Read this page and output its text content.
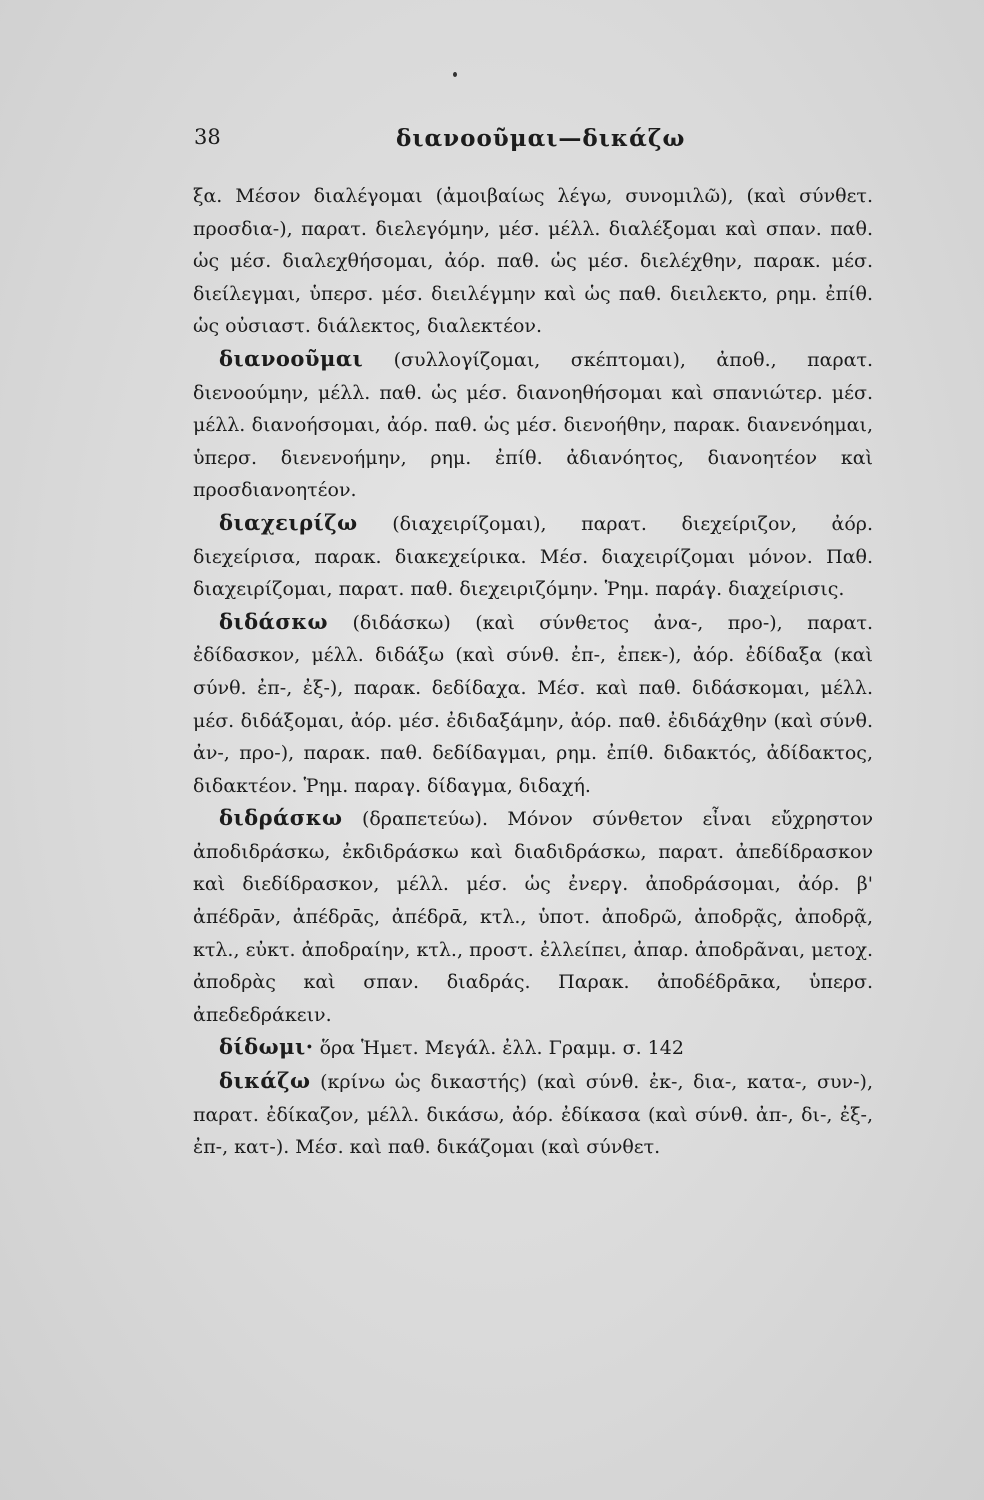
38	διανοοῦμαι—δικάζω

ξα. Μέσον διαλέγομαι (ἀμοιβαίως λέγω, συνομιλῶ), (καὶ σύνθετ. προσδια-), παρατ. διελεγόμην, μέσ. μέλλ. διαλέξομαι καὶ σπαν. παθ. ὡς μέσ. διαλεχθήσομαι, ἀόρ. παθ. ὡς μέσ. διελέχθην, παρακ. μέσ. διείλεγμαι, ὑπερσ. μέσ. διειλέγμην καὶ ὡς παθ. διειλεκτο, ρημ. ἐπίθ. ὡς οὐσιαστ. διάλεκτος, διαλεκτέον.

διανοοῦμαι (συλλογίζομαι, σκέπτομαι), ἀποθ., παρατ. διενοούμην, μέλλ. παθ. ὡς μέσ. διανοηθήσομαι καὶ σπανιώτερ. μέσ. μέλλ. διανοήσομαι, ἀόρ. παθ. ὡς μέσ. διενοήθην, παρακ. διανενόημαι, ὑπερσ. διενενοήμην, ρημ. ἐπίθ. ἀδιανόητος, διανοητέον καὶ προσδιανοητέον.

διαχειρίζω (διαχειρίζομαι), παρατ. διεχείριζον, ἀόρ. διεχείρισα, παρακ. διακεχείρικα. Μέσ. διαχειρίζομαι μόνον. Παθ. διαχειρίζομαι, παρατ. παθ. διεχειριζόμην. Ῥημ. παράγ. διαχείρισις.

διδάσκω (διδάσκω) (καὶ σύνθετος ἀνα-, προ-), παρατ. ἐδίδασκον, μέλλ. διδάξω (καὶ σύνθ. ἐπ-, ἐπεκ-), ἀόρ. ἐδίδαξα (καὶ σύνθ. ἐπ-, ἐξ-), παρακ. δεδίδαχα. Μέσ. καὶ παθ. διδάσκομαι, μέλλ. μέσ. διδάξομαι, ἀόρ. μέσ. ἐδιδαξάμην, ἀόρ. παθ. ἐδιδάχθην (καὶ σύνθ. ἀν-, προ-), παρακ. παθ. δεδίδαγμαι, ρημ. ἐπίθ. διδακτός, ἀδίδακτος, διδακτέον. Ῥημ. παραγ. δίδαγμα, διδαχή.

διδράσκω (δραπετεύω). Μόνον σύνθετον εἶναι εὔχρηστον ἀποδιδράσκω, ἐκδιδράσκω καὶ διαδιδράσκω, παρατ. ἀπεδίδρασκον καὶ διεδίδρασκον, μέλλ. μέσ. ὡς ἐνεργ. ἀποδράσομαι, ἀόρ. β' ἀπέδρᾱν, ἀπέδρᾱς, ἀπέδρᾱ, κτλ., ὑποτ. ἀποδρῶ, ἀποδρᾷς, ἀποδρᾷ, κτλ., εὐκτ. ἀποδραίην, κτλ., προστ. ἐλλείπει, ἀπαρ. ἀποδρᾶναι, μετοχ. ἀποδρὰς καὶ σπαν. διαδράς. Παρακ. ἀποδέδρᾱκα, ὑπερσ. ἀπεδεδράκειν.

δίδωμι· ὅρα Ἡμετ. Μεγάλ. ἐλλ. Γραμμ. σ. 142

δικάζω (κρίνω ὡς δικαστής) (καὶ σύνθ. ἐκ-, δια-, κατα-, συν-), παρατ. ἐδίκαζον, μέλλ. δικάσω, ἀόρ. ἐδίκασα (καὶ σύνθ. ἀπ-, δι-, ἐξ-, ἐπ-, κατ-). Μέσ. καὶ παθ. δικάζομαι (καὶ σύνθετ.
